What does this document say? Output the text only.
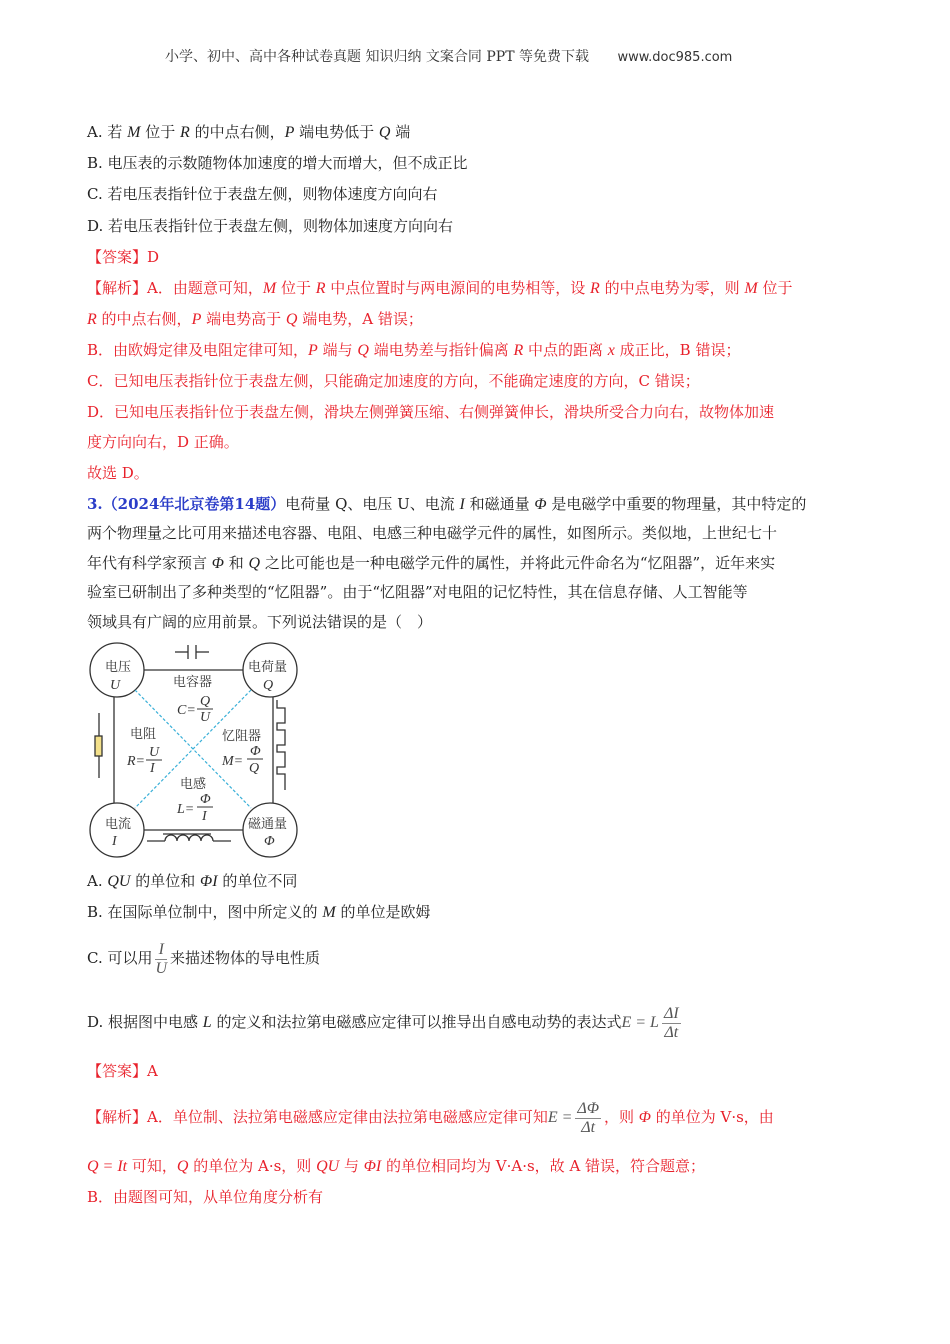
小学、初中、高中各种试卷真题 知识归纳 文案合同 PPT 等免费下载 www.doc985.com
A. 若 M 位于 R 的中点右侧，P 端电势低于 Q 端
B. 电压表的示数随物体加速度的增大而增大，但不成正比
C. 若电压表指针位于表盘左侧，则物体速度方向向右
D. 若电压表指针位于表盘左侧，则物体加速度方向向右
【答案】D
【解析】A．由题意可知，M 位于 R 中点位置时与两电源间的电势相等，设 R 的中点电势为零，则 M 位于
R 的中点右侧，P 端电势高于 Q 端电势，A 错误；
B．由欧姆定律及电阻定律可知，P 端与 Q 端电势差与指针偏离 R 中点的距离 x 成正比，B 错误；
C．已知电压表指针位于表盘左侧，只能确定加速度的方向，不能确定速度的方向，C 错误；
D．已知电压表指针位于表盘左侧，滑块左侧弹簧压缩、右侧弹簧伸长，滑块所受合力向右，故物体加速
度方向向右，D 正确。
故选 D。
3.（2024年北京卷第14题）电荷量 Q、电压 U、电流 I 和磁通量 Φ 是电磁学中重要的物理量，其中特定的
两个物理量之比可用来描述电容器、电阻、电感三种电磁学元件的属性，如图所示。类似地，上世纪七十
年代有科学家预言 Φ 和 Q 之比可能也是一种电磁学元件的属性，并将此元件命名为“忆阻器”，近年来实
验室已研制出了多种类型的“忆阻器”。由于“忆阻器”对电阻的记忆特性，其在信息存储、人工智能等
领域具有广阔的应用前景。下列说法错误的是（　）
电压
U
电荷量
Q
电流
I
磁通量
Φ
电容器
C=
Q
U
电阻
R=
U
I
忆阻器
M=
Φ
Q
电感
L=
Φ
I
A. QU 的单位和 ΦI 的单位不同
B. 在国际单位制中，图中所定义的 M 的单位是欧姆
C. 可以用 $\frac{I}{U}$ 来描述物体的导电性质
D. 根据图中电感 L 的定义和法拉第电磁感应定律可以推导出自感电动势的表达式E = L $\frac{\Delta I}{\Delta t}$
【答案】A
【解析】A．单位制、法拉第电磁感应定律由法拉第电磁感应定律可知$E = \frac{\Delta\Phi}{\Delta t}$ ，则 Φ 的单位为 V·s，由
Q = It 可知，Q 的单位为 A·s，则 QU 与 ΦI 的单位相同均为 V·A·s，故 A 错误，符合题意；
B．由题图可知，从单位角度分析有
